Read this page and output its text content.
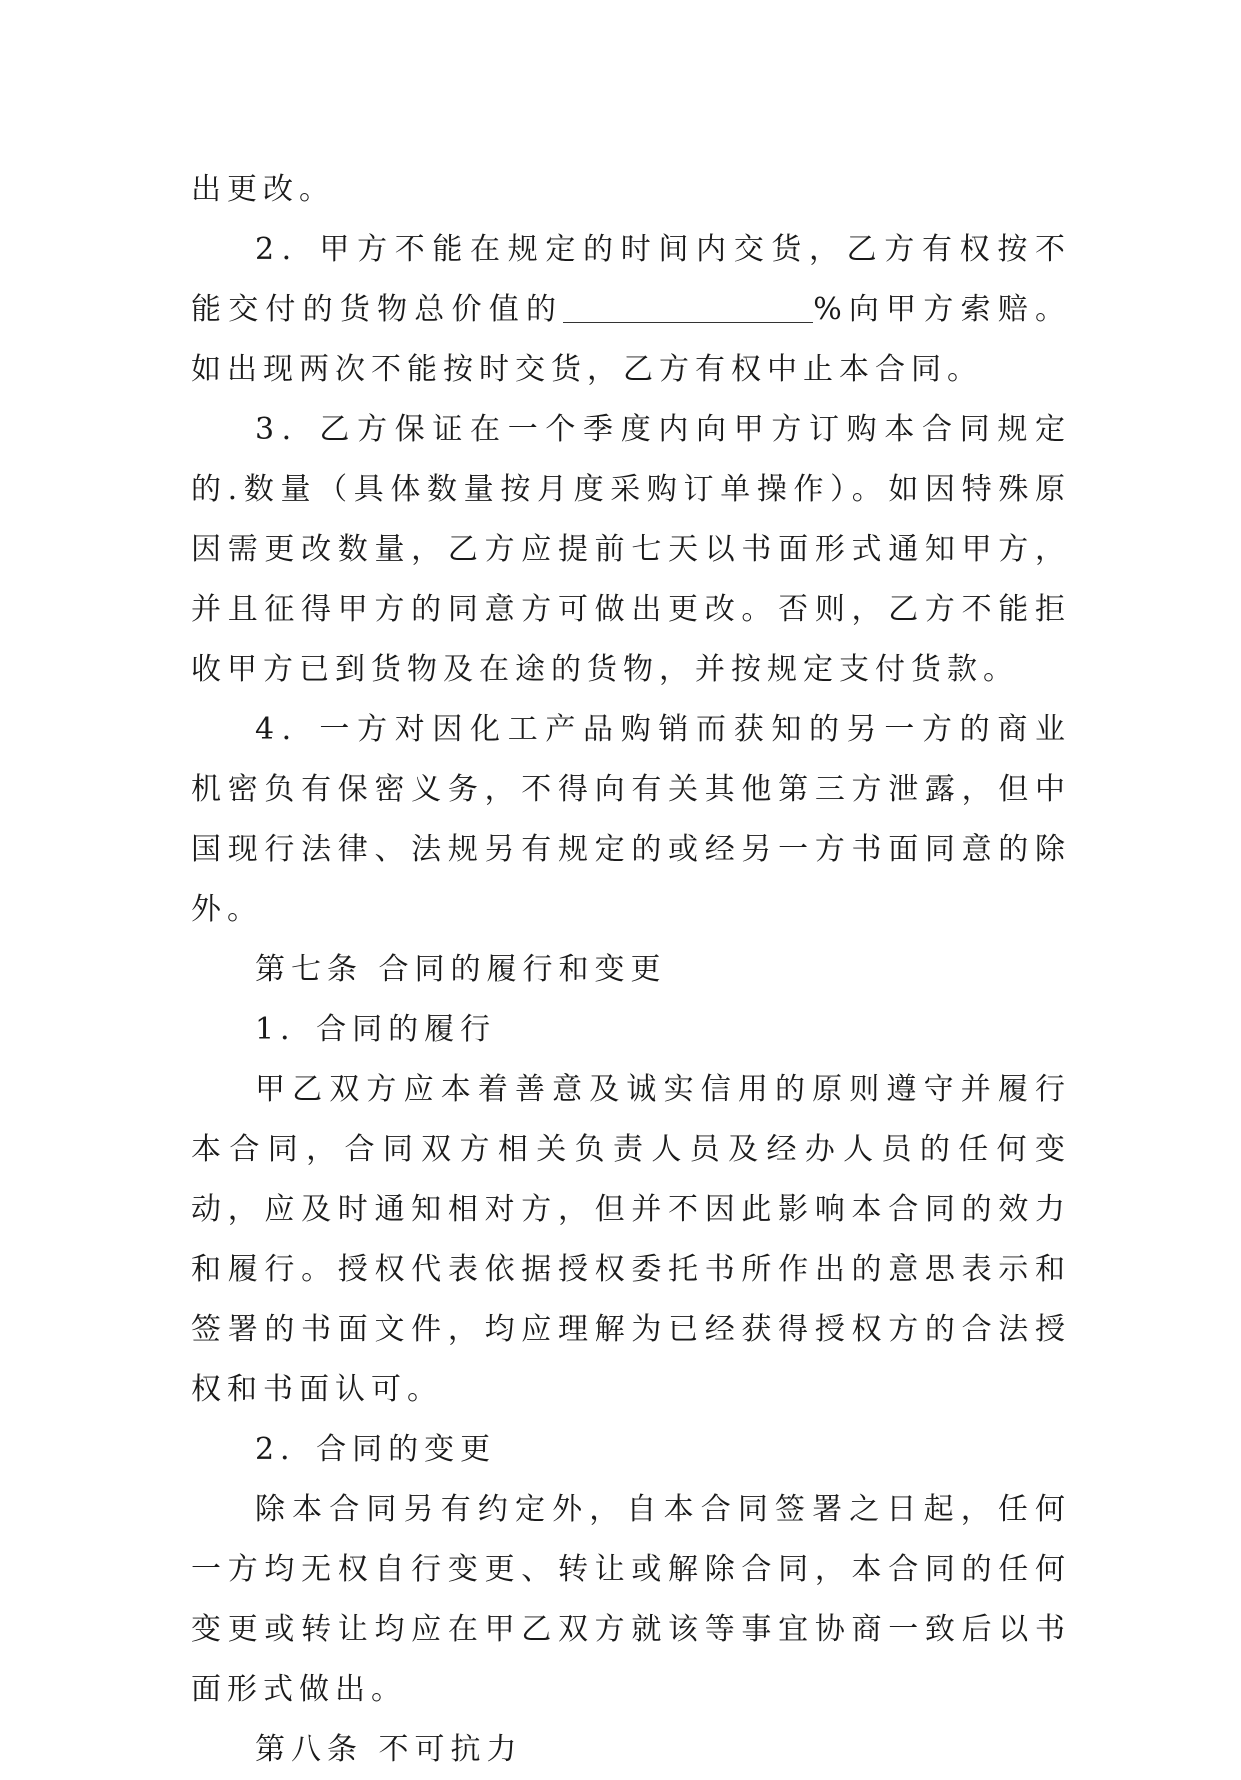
出更改。

2．甲方不能在规定的时间内交货，乙方有权按不能交付的货物总价值的	%向甲方索赔。如出现两次不能按时交货，乙方有权中止本合同。

3．乙方保证在一个季度内向甲方订购本合同规定的.数量（具体数量按月度采购订单操作）。如因特殊原因需更改数量，乙方应提前七天以书面形式通知甲方，并且征得甲方的同意方可做出更改。否则，乙方不能拒收甲方已到货物及在途的货物，并按规定支付货款。

4．一方对因化工产品购销而获知的另一方的商业机密负有保密义务，不得向有关其他第三方泄露，但中国现行法律、法规另有规定的或经另一方书面同意的除外。

第七条 合同的履行和变更

1．合同的履行

甲乙双方应本着善意及诚实信用的原则遵守并履行本合同，合同双方相关负责人员及经办人员的任何变动，应及时通知相对方，但并不因此影响本合同的效力和履行。授权代表依据授权委托书所作出的意思表示和签署的书面文件，均应理解为已经获得授权方的合法授权和书面认可。

2．合同的变更

除本合同另有约定外，自本合同签署之日起，任何一方均无权自行变更、转让或解除合同，本合同的任何变更或转让均应在甲乙双方就该等事宜协商一致后以书面形式做出。

第八条 不可抗力
